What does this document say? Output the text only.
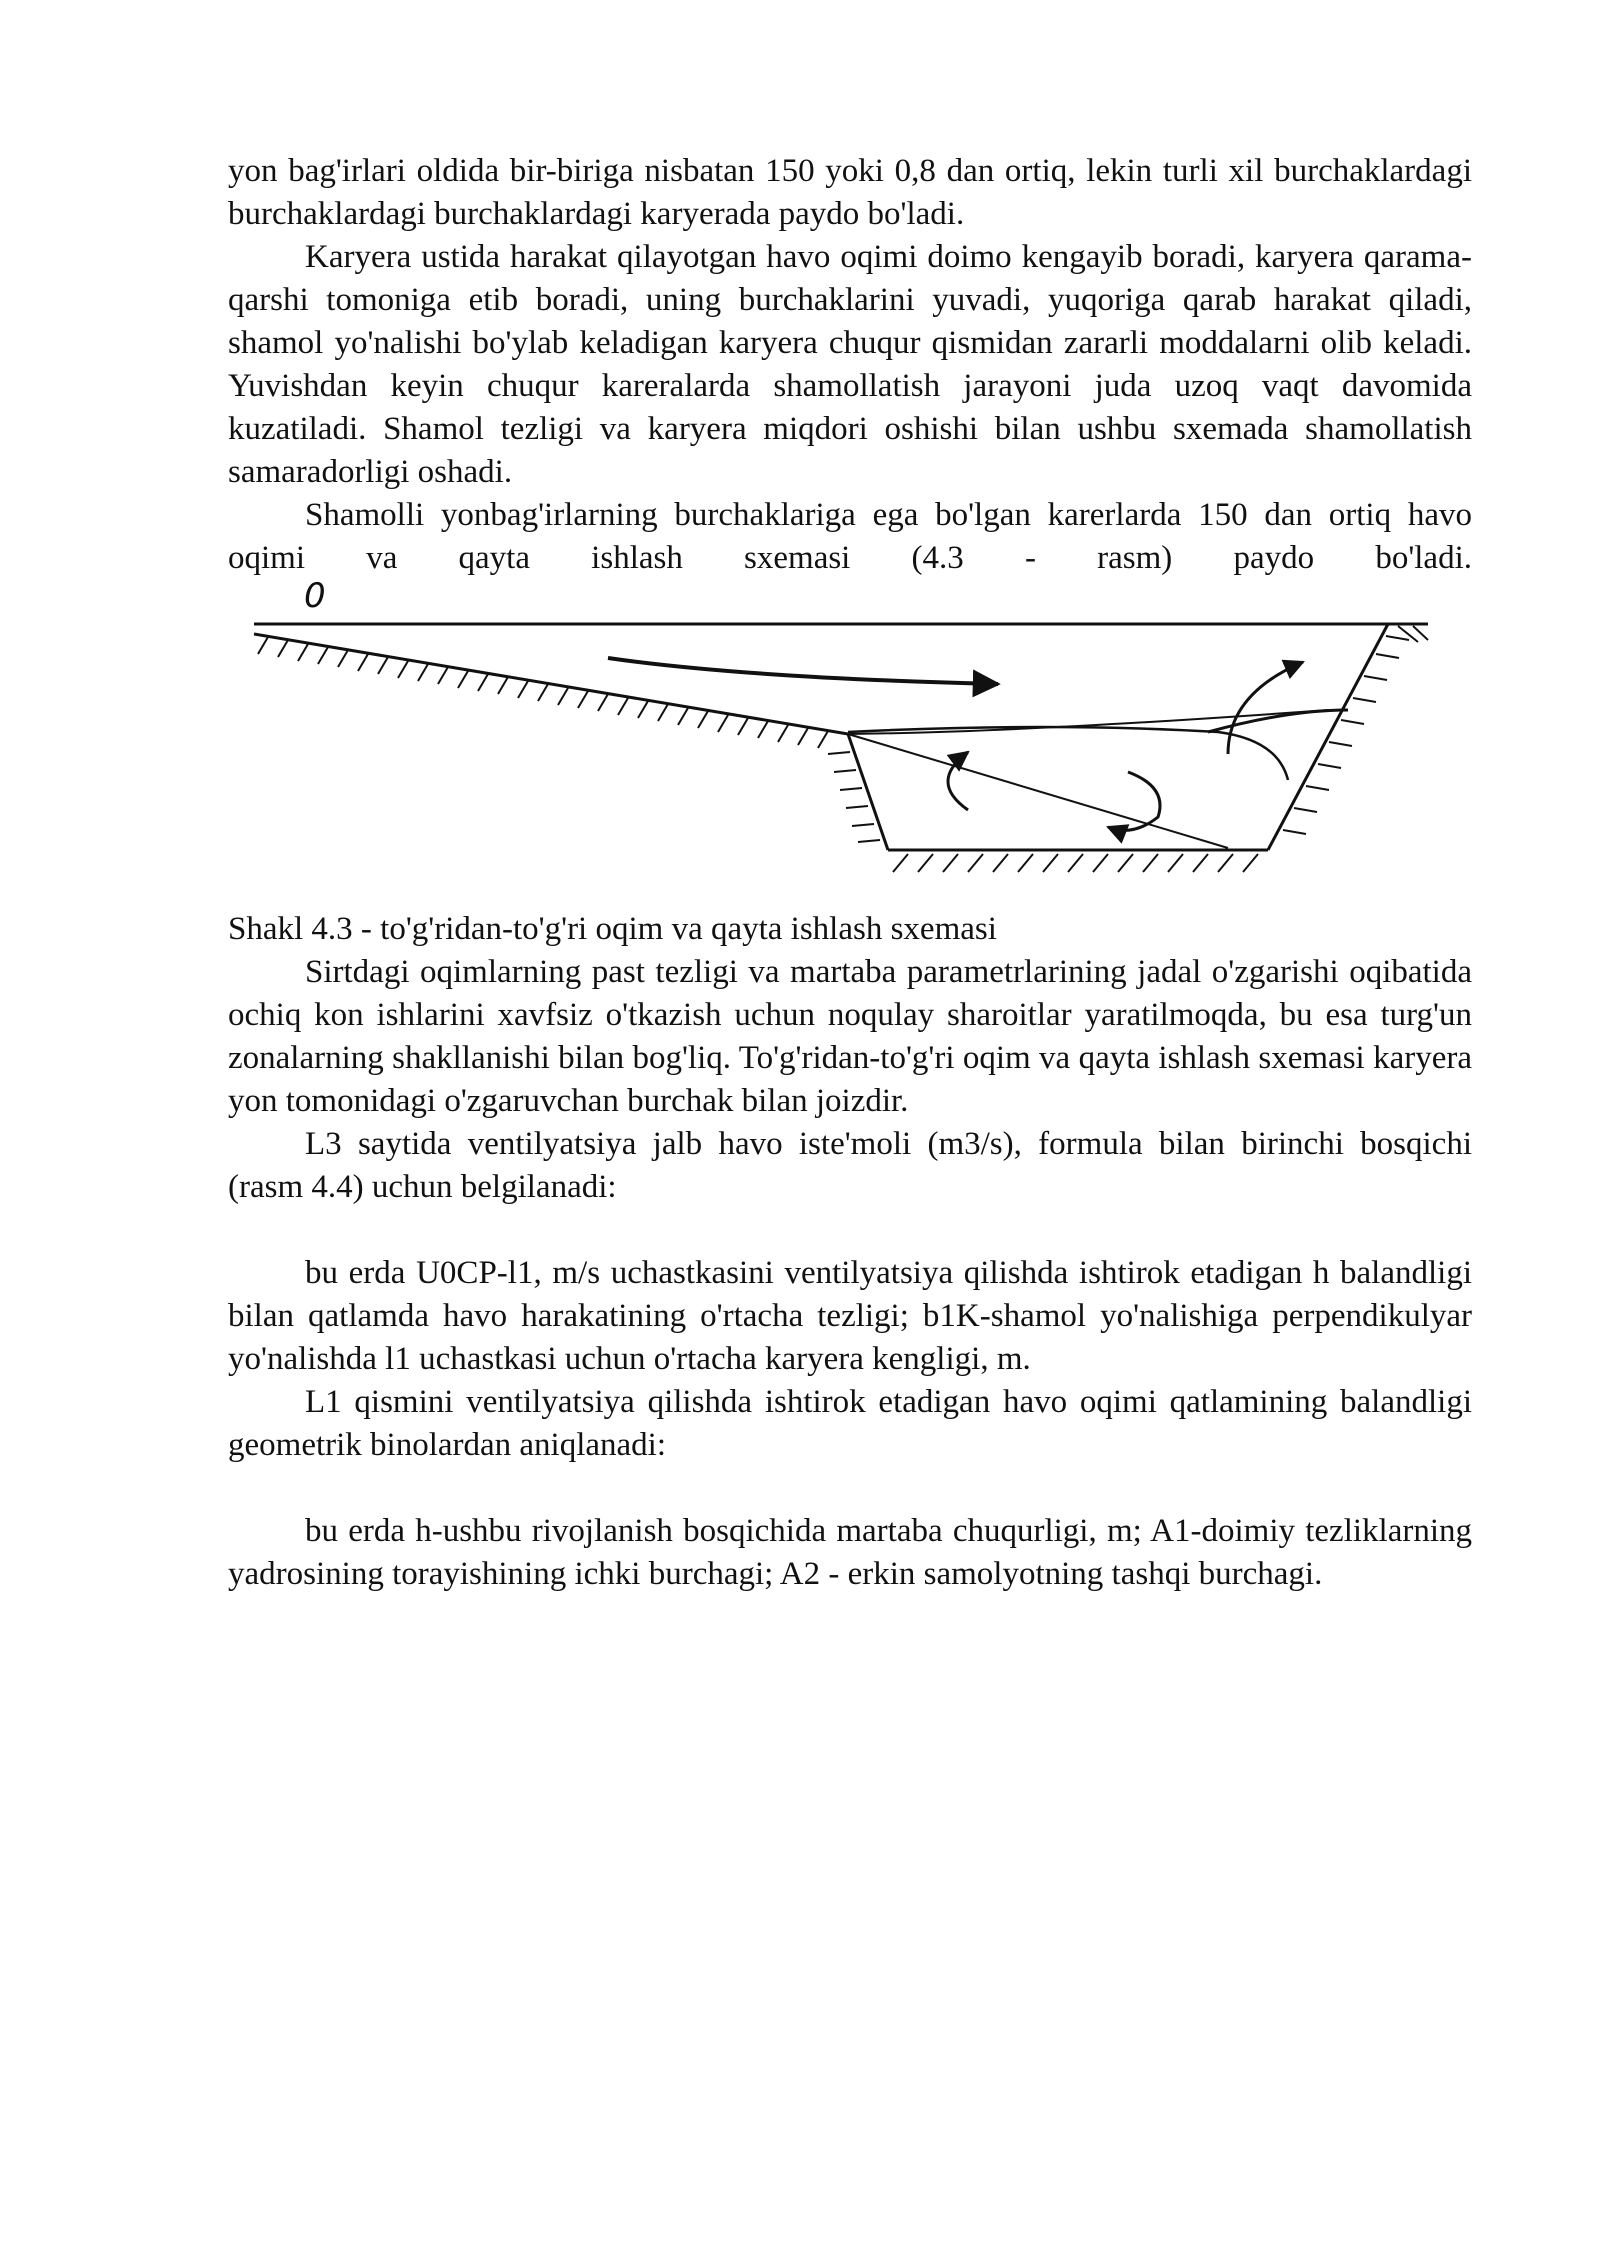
yon bag'irlari oldida bir-biriga nisbatan 150 yoki 0,8 dan ortiq, lekin turli xil burchaklardagi burchaklardagi burchaklardagi karyerada paydo bo'ladi.

Karyera ustida harakat qilayotgan havo oqimi doimo kengayib boradi, karyera qarama-qarshi tomoniga etib boradi, uning burchaklarini yuvadi, yuqoriga qarab harakat qiladi, shamol yo'nalishi bo'ylab keladigan karyera chuqur qismidan zararli moddalarni olib keladi. Yuvishdan keyin chuqur kareralarda shamollatish jarayoni juda uzoq vaqt davomida kuzatiladi. Shamol tezligi va karyera miqdori oshishi bilan ushbu sxemada shamollatish samaradorligi oshadi.

Shamolli yonbag'irlarning burchaklariga ega bo'lgan karerlarda 150 dan ortiq havo oqimi va qayta ishlash sxemasi (4.3 - rasm) paydo bo'ladi.

0

Shakl 4.3 - to'g'ridan-to'g'ri oqim va qayta ishlash sxemasi

Sirtdagi oqimlarning past tezligi va martaba parametrlarining jadal o'zgarishi oqibatida ochiq kon ishlarini xavfsiz o'tkazish uchun noqulay sharoitlar yaratilmoqda, bu esa turg'un zonalarning shakllanishi bilan bog'liq. To'g'ridan-to'g'ri oqim va qayta ishlash sxemasi karyera yon tomonidagi o'zgaruvchan burchak bilan joizdir.

L3 saytida ventilyatsiya jalb havo iste'moli (m3/s), formula bilan birinchi bosqichi (rasm 4.4) uchun belgilanadi:

bu erda U0CP-l1, m/s uchastkasini ventilyatsiya qilishda ishtirok etadigan h balandligi bilan qatlamda havo harakatining o'rtacha tezligi; b1K-shamol yo'nalishiga perpendikulyar yo'nalishda l1 uchastkasi uchun o'rtacha karyera kengligi, m.

L1 qismini ventilyatsiya qilishda ishtirok etadigan havo oqimi qatlamining balandligi geometrik binolardan aniqlanadi:

bu erda h-ushbu rivojlanish bosqichida martaba chuqurligi, m; A1-doimiy tezliklarning yadrosining torayishining ichki burchagi; A2 - erkin samolyotning tashqi burchagi.
